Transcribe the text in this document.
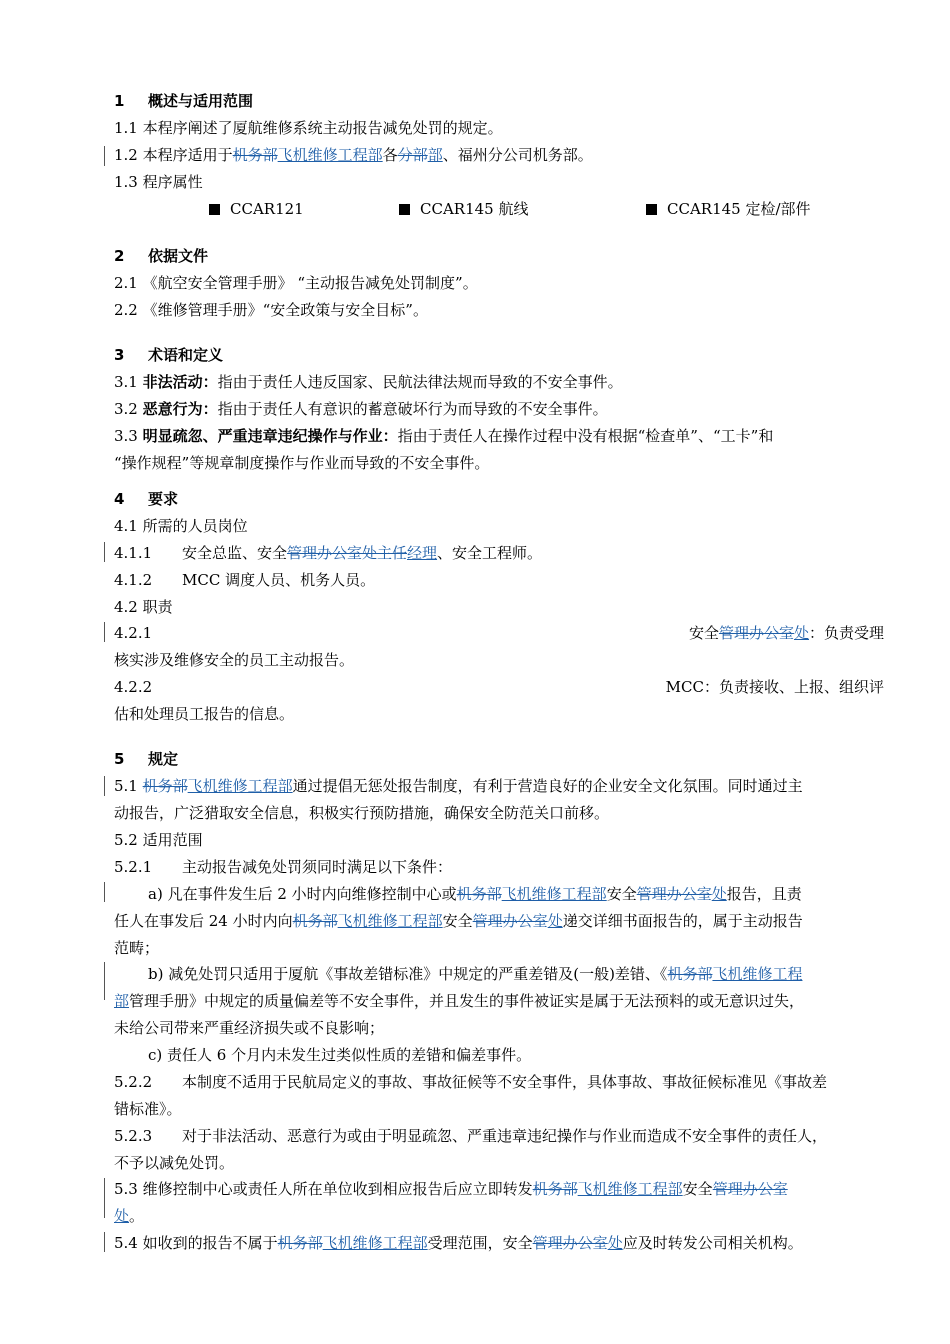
1 概述与适用范围
1.1 本程序阐述了厦航维修系统主动报告减免处罚的规定。
1.2 本程序适用于机务部飞机维修工程部各分部部、福州分公司机务部。
1.3 程序属性
CCAR121	CCAR145 航线	CCAR145 定检/部件
2 依据文件
2.1 《航空安全管理手册》 “主动报告减免处罚制度”。
2.2 《维修管理手册》“安全政策与安全目标”。
3 术语和定义
3.1 非法活动：指由于责任人违反国家、民航法律法规而导致的不安全事件。
3.2 恶意行为：指由于责任人有意识的蓄意破坏行为而导致的不安全事件。
3.3 明显疏忽、严重违章违纪操作与作业：指由于责任人在操作过程中没有根据“检查单”、“工卡”和
“操作规程”等规章制度操作与作业而导致的不安全事件。
4 要求
4.1 所需的人员岗位
4.1.1 安全总监、安全管理办公室处主任经理、安全工程师。
4.1.2 MCC 调度人员、机务人员。
4.2 职责
4.2.1	安全管理办公室处：负责受理
核实涉及维修安全的员工主动报告。
4.2.2	MCC：负责接收、上报、组织评
估和处理员工报告的信息。
5 规定
5.1 机务部飞机维修工程部通过提倡无惩处报告制度，有利于营造良好的企业安全文化氛围。同时通过主
动报告，广泛猎取安全信息，积极实行预防措施，确保安全防范关口前移。
5.2 适用范围
5.2.1 主动报告减免处罚须同时满足以下条件：
a) 凡在事件发生后 2 小时内向维修控制中心或机务部飞机维修工程部安全管理办公室处报告，且责
任人在事发后 24 小时内向机务部飞机维修工程部安全管理办公室处递交详细书面报告的，属于主动报告
范畴；
b) 减免处罚只适用于厦航《事故差错标准》中规定的严重差错及(一般)差错、《机务部飞机维修工程
部管理手册》中规定的质量偏差等不安全事件，并且发生的事件被证实是属于无法预料的或无意识过失，
未给公司带来严重经济损失或不良影响；
c) 责任人 6 个月内未发生过类似性质的差错和偏差事件。
5.2.2 本制度不适用于民航局定义的事故、事故征候等不安全事件，具体事故、事故征候标准见《事故差
错标准》。
5.2.3 对于非法活动、恶意行为或由于明显疏忽、严重违章违纪操作与作业而造成不安全事件的责任人，
不予以减免处罚。
5.3 维修控制中心或责任人所在单位收到相应报告后应立即转发机务部飞机维修工程部安全管理办公室
处。
5.4 如收到的报告不属于机务部飞机维修工程部受理范围，安全管理办公室处应及时转发公司相关机构。
